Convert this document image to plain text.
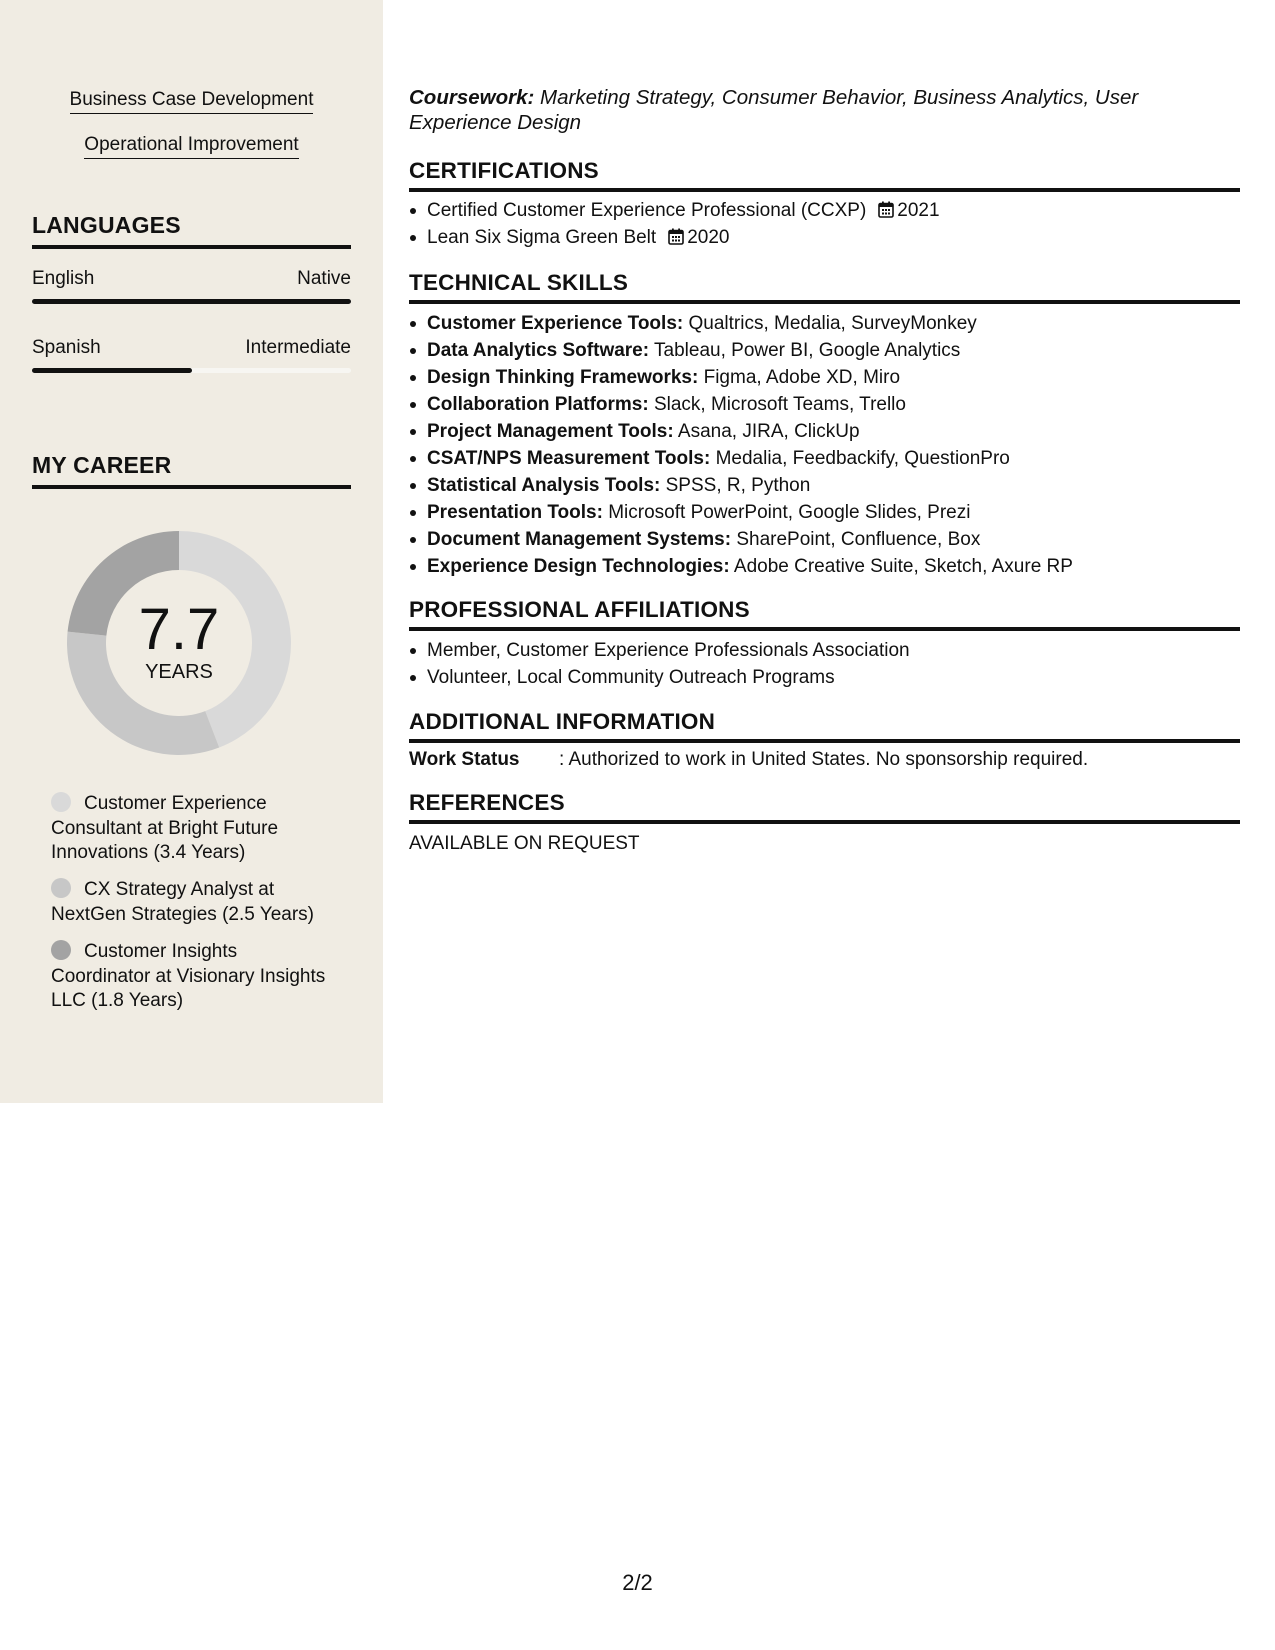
Business Case Development
Operational Improvement
LANGUAGES
English	Native
Spanish	Intermediate
MY CAREER
7.7
YEARS
Customer Experience Consultant at Bright Future Innovations (3.4 Years)
CX Strategy Analyst at NextGen Strategies (2.5 Years)
Customer Insights Coordinator at Visionary Insights LLC (1.8 Years)
Coursework: Marketing Strategy, Consumer Behavior, Business Analytics, User Experience Design
CERTIFICATIONS
Certified Customer Experience Professional (CCXP) 2021
Lean Six Sigma Green Belt 2020
TECHNICAL SKILLS
Customer Experience Tools: Qualtrics, Medalia, SurveyMonkey
Data Analytics Software: Tableau, Power BI, Google Analytics
Design Thinking Frameworks: Figma, Adobe XD, Miro
Collaboration Platforms: Slack, Microsoft Teams, Trello
Project Management Tools: Asana, JIRA, ClickUp
CSAT/NPS Measurement Tools: Medalia, Feedbackify, QuestionPro
Statistical Analysis Tools: SPSS, R, Python
Presentation Tools: Microsoft PowerPoint, Google Slides, Prezi
Document Management Systems: SharePoint, Confluence, Box
Experience Design Technologies: Adobe Creative Suite, Sketch, Axure RP
PROFESSIONAL AFFILIATIONS
Member, Customer Experience Professionals Association
Volunteer, Local Community Outreach Programs
ADDITIONAL INFORMATION
Work Status	: Authorized to work in United States. No sponsorship required.
REFERENCES
AVAILABLE ON REQUEST
2/2
